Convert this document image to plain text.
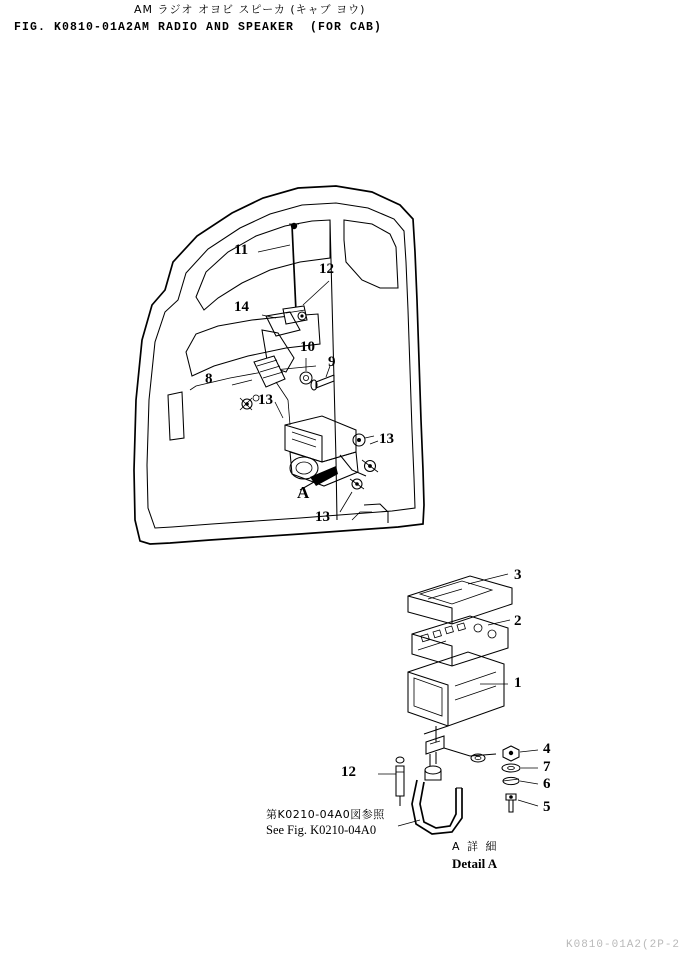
AM ラジオ オヨビ スピーカ (キャブ ヨウ)
FIG. K0810-01A2 AM RADIO AND SPEAKER  (FOR CAB)
11
12
14
10
9
8
13
13
13
A
3
2
1
4
7
6
5
12
第K0210-04A0図参照
See Fig. K0210-04A0
A 詳 細
Detail A
K0810-01A2(2P-2
